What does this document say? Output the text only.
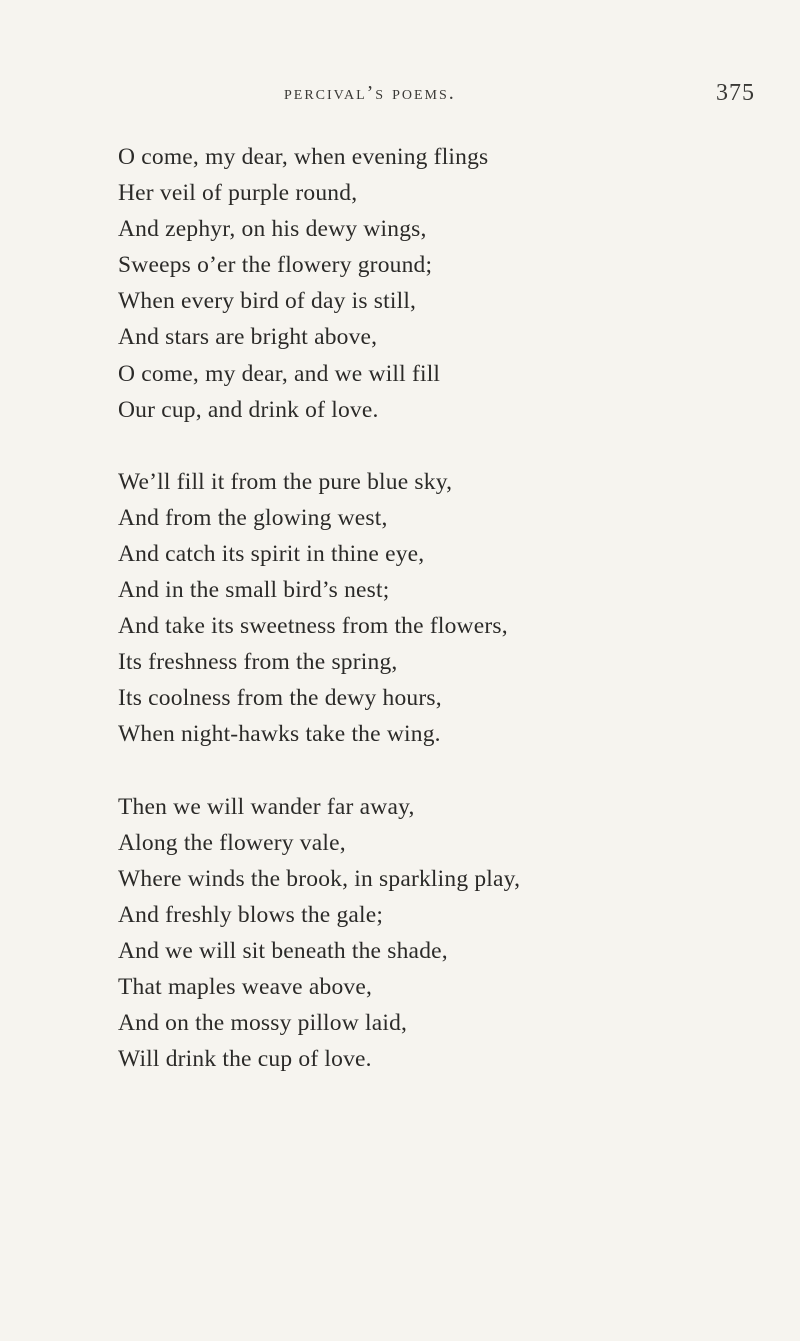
percival’s poems.	375
O come, my dear, when evening flings
Her veil of purple round,
And zephyr, on his dewy wings,
Sweeps o’er the flowery ground;
When every bird of day is still,
And stars are bright above,
O come, my dear, and we will fill
Our cup, and drink of love.
We’ll fill it from the pure blue sky,
And from the glowing west,
And catch its spirit in thine eye,
And in the small bird’s nest;
And take its sweetness from the flowers,
Its freshness from the spring,
Its coolness from the dewy hours,
When night-hawks take the wing.
Then we will wander far away,
Along the flowery vale,
Where winds the brook, in sparkling play,
And freshly blows the gale;
And we will sit beneath the shade,
That maples weave above,
And on the mossy pillow laid,
Will drink the cup of love.
